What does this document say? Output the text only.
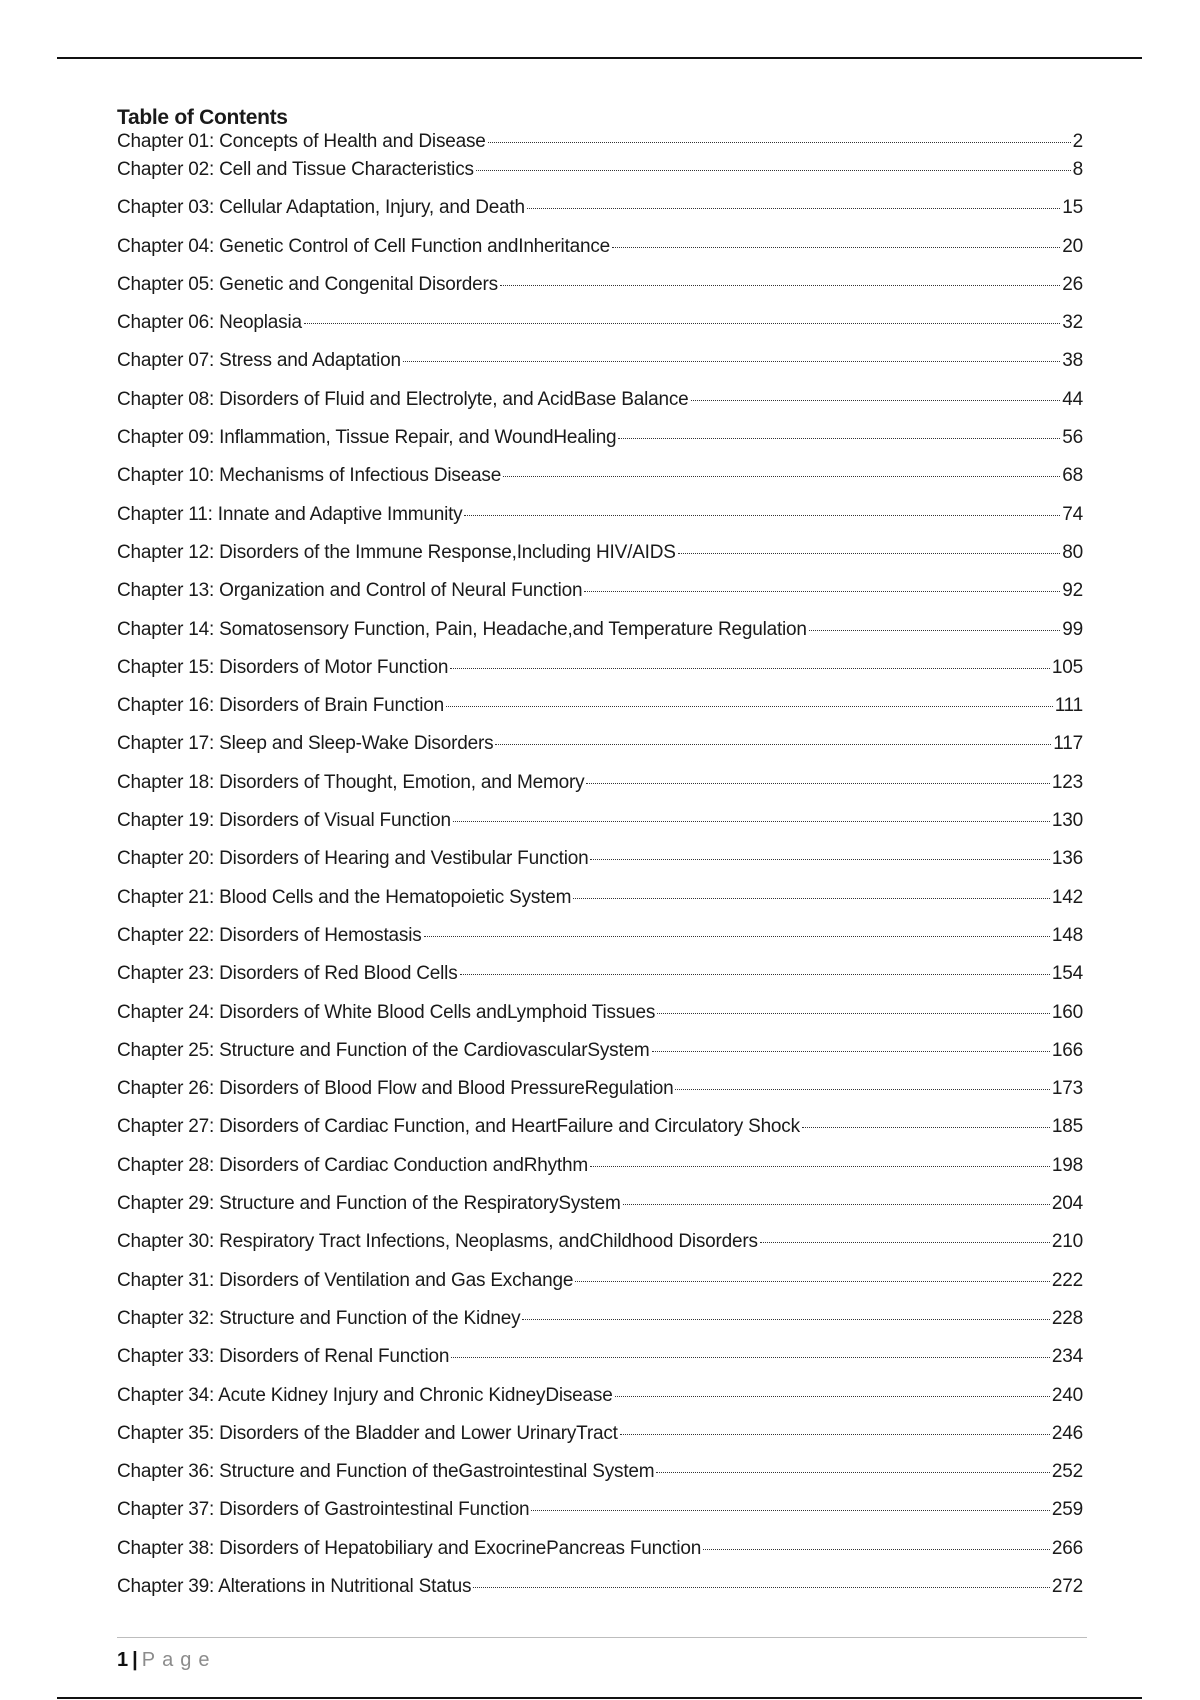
Table of Contents
Chapter 01: Concepts of Health and Disease	2
Chapter 02: Cell and Tissue Characteristics	8
Chapter 03: Cellular Adaptation, Injury, and Death	15
Chapter 04: Genetic Control of Cell Function andInheritance	20
Chapter 05: Genetic and Congenital Disorders	26
Chapter 06: Neoplasia	32
Chapter 07: Stress and Adaptation	38
Chapter 08: Disorders of Fluid and Electrolyte, and AcidBase Balance	44
Chapter 09: Inflammation, Tissue Repair, and WoundHealing	56
Chapter 10: Mechanisms of Infectious Disease	68
Chapter 11: Innate and Adaptive Immunity	74
Chapter 12: Disorders of the Immune Response,Including HIV/AIDS	80
Chapter 13: Organization and Control of Neural Function	92
Chapter 14: Somatosensory Function, Pain, Headache,and Temperature Regulation	99
Chapter 15: Disorders of Motor Function	105
Chapter 16: Disorders of Brain Function	111
Chapter 17: Sleep and Sleep-Wake Disorders	117
Chapter 18: Disorders of Thought, Emotion, and Memory	123
Chapter 19: Disorders of Visual Function	130
Chapter 20: Disorders of Hearing and Vestibular Function	136
Chapter 21: Blood Cells and the Hematopoietic System	142
Chapter 22: Disorders of Hemostasis	148
Chapter 23: Disorders of Red Blood Cells	154
Chapter 24: Disorders of White Blood Cells andLymphoid Tissues	160
Chapter 25: Structure and Function of the CardiovascularSystem	166
Chapter 26: Disorders of Blood Flow and Blood PressureRegulation	173
Chapter 27: Disorders of Cardiac Function, and HeartFailure and Circulatory Shock	185
Chapter 28: Disorders of Cardiac Conduction andRhythm	198
Chapter 29: Structure and Function of the RespiratorySystem	204
Chapter 30: Respiratory Tract Infections, Neoplasms, andChildhood Disorders	210
Chapter 31: Disorders of Ventilation and Gas Exchange	222
Chapter 32: Structure and Function of the Kidney	228
Chapter 33: Disorders of Renal Function	234
Chapter 34: Acute Kidney Injury and Chronic KidneyDisease	240
Chapter 35: Disorders of the Bladder and Lower UrinaryTract	246
Chapter 36: Structure and Function of theGastrointestinal System	252
Chapter 37: Disorders of Gastrointestinal Function	259
Chapter 38: Disorders of Hepatobiliary and ExocrinePancreas Function	266
Chapter 39: Alterations in Nutritional Status	272
1 | Page
